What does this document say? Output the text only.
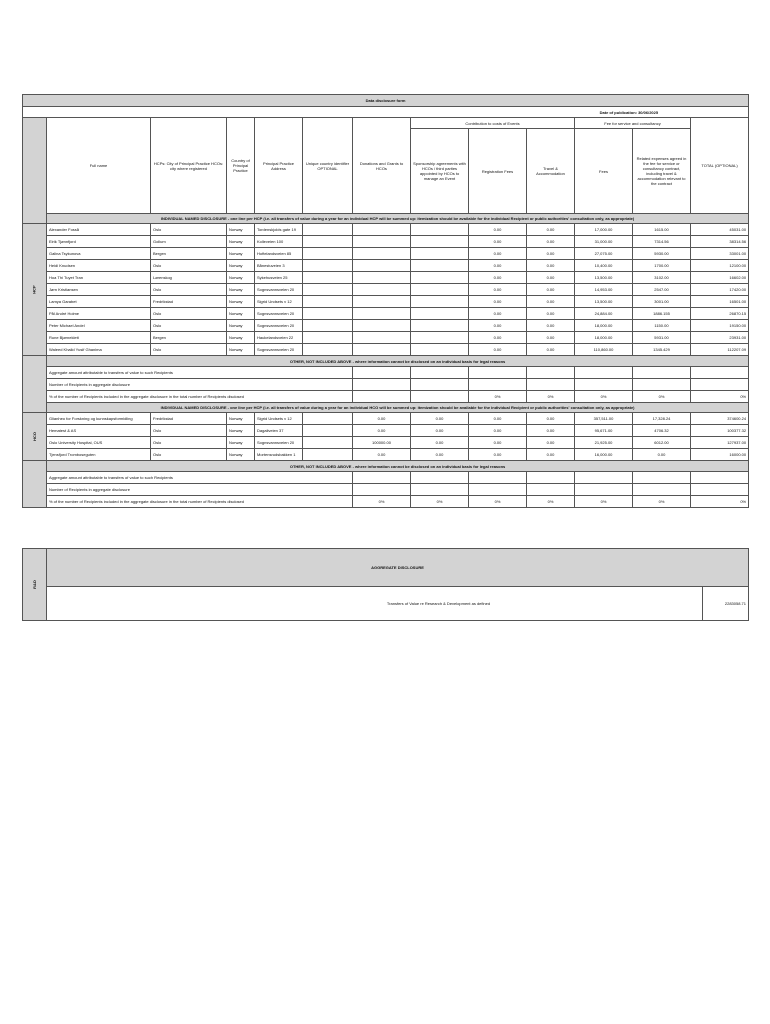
Data disclosure form												
Date of publication: 30/06/2025												
	Full name	HCPs: City of Principal Practice HCOs: city where registered	Country of Principal Practice	Principal Practice Address	Unique country identifier OPTIONAL	Donations and Grants to HCOs	Contribution to costs of Events			Fee for service and consultancy		TOTAL (OPTIONAL)
							Sponsorship agreements with HCOs / third parties appointed by HCOs to manage an Event	Registration Fees	Travel & Accommodation	Fees	Related expenses agreed in the fee for service or consultancy contract, including travel & accommodation relevant to the contract	
	INDIVIDUAL NAMED DISCLOSURE - one line per HCP (i.e. all transfers of value during a year for an individual HCP will be summed up: itemization should be available for the individual Recipient or public authorities' consultation only, as appropriate)											
HCP	Alexander Fosså	Oslo	Norway	Tordenskjolds gate 19				0.00	0.00	17,000.00	1615.00	45031.00
	Eirik Tjønnfjord	Gollum	Norway	Kolleveien 100				0.00	0.00	31,000.00	7314.56	38314.56
	Galina Tsykunova	Bergen	Norway	Hoftelandsveien 85				0.00	0.00	27,075.00	5930.00	33001.00
	Heidi Knudsen	Oslo	Norway	Bånestuveien 3				0.00	0.00	10,400.00	1700.00	12100.00
	Hoa Thi Tuyet Tran	Lørenskog	Norway	Sykehusveien 25				0.00	0.00	13,500.00	3102.00	16602.00
	Jørn Kristiansen	Oslo	Norway	Sognsvannsveien 20				0.00	0.00	14,953.00	2547.00	17420.00
	Lamya Garabet	Fredrikstad	Norway	Sigrid Undsets v 12				0.00	0.00	13,500.00	3001.00	16501.00
	Pål André Holme	Oslo	Norway	Sognsvannsveien 20				0.00	0.00	24,884.00	1886.155	26870.15
	Peter Michael Andel	Oslo	Norway	Sognsvannsveien 20				0.00	0.00	18,000.00	1150.00	19150.00
	Rune Bjørneklett	Bergen	Norway	Haukelandsveien 22				0.00	0.00	18,000.00	5931.00	23931.00
	Waleed Khalid Yusif Ghanima	Oslo	Norway	Sognsvannsveien 20				0.00	0.00	110,860.00	1345.429	112207.09
	OTHER, NOT INCLUDED ABOVE - where information cannot be disclosed on an individual basis for legal reasons											
	Aggregate amount attributable to transfers of value to such Recipients											
	Number of Recipients in aggregate disclosure											
	% of the number of Recipients included in the aggregate disclosure in the total number of Recipients disclosed							0%	0%	0%	0%	0%
	INDIVIDUAL NAMED DISCLOSURE - one line per HCP (i.e. all transfers of value during a year for an individual HCO will be summed up: itemization should be available for the individual Recipient or public authorities' consultation only, as appropriate)											
HCO	Glianheo for Forskning og kunnskapsformidling	Fredrikstad	Norway	Sigrid Undsets v 12		0.00	0.00	0.00	0.00	357,511.00	17,328.24	374600.24
	Hematest & AS	Oslo	Norway	Dagaliveien 37		0.00	0.00	0.00	0.00	95,671.00	4706.32	100377.32
	Oslo University Hospital, OUS	Oslo	Norway	Sognsvannsveien 20		100000.00	0.00	0.00	0.00	21,925.00	6012.00	127937.00
	Tjensfjord Tromboseguten	Oslo	Norway	Mortensrudsbakken 1		0.00	0.00	0.00	0.00	16,000.00	0.00	16000.00
	OTHER, NOT INCLUDED ABOVE - where information cannot be disclosed on an individual basis for legal reasons											
	Aggregate amount attributable to transfers of value to such Recipients											
	Number of Recipients in aggregate disclosure											
	% of the number of Recipients included in the aggregate disclosure in the total number of Recipients disclosed					0%	0%	0%	0%	0%	0%	0%
R&D	AGGREGATE DISCLOSURE	
	Transfers of Value re Research & Development as defined	2283058.71
